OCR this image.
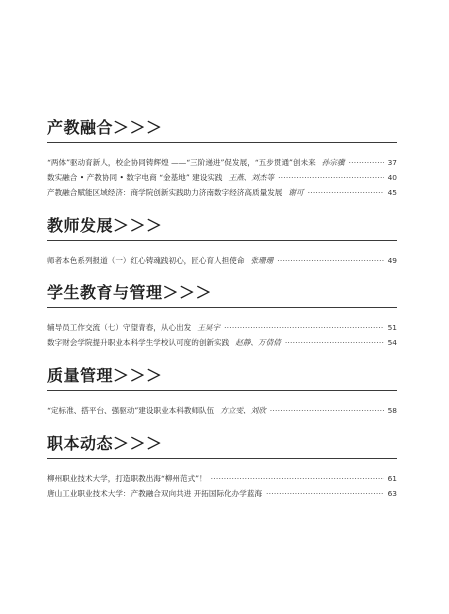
产教融合＞＞＞
“两体”驱动育新人，校企协同铸辉煌 ——“三阶递进”促发展，“五步贯通”创未来 孙宗骥 ·····	37
数实融合 • 产教协同 • 数字电商 “金基地” 建设实践 王燕、刘杰等 ·····	40
产教融合赋能区域经济：商学院创新实践助力济南数字经济高质量发展 谢可 ·····	45
教师发展＞＞＞
师者本色系列报道（一）红心铸魂践初心，匠心育人担使命 张珊珊 ·····	49
学生教育与管理＞＞＞
辅导员工作交流（七）守望青春，从心出发 王昊宇 ·····	51
数字财会学院提升职业本科学生学校认可度的创新实践 赵静、万倩倩 ·····	54
质量管理＞＞＞
“定标准、搭平台、强驱动”建设职业本科教师队伍 方立雯、刘欣 ·····	58
职本动态＞＞＞
柳州职业技术大学，打造职教出海“柳州范式”！ ·····	61
唐山工业职业技术大学：产教融合双向共进 开拓国际化办学蓝海 ·····	63
